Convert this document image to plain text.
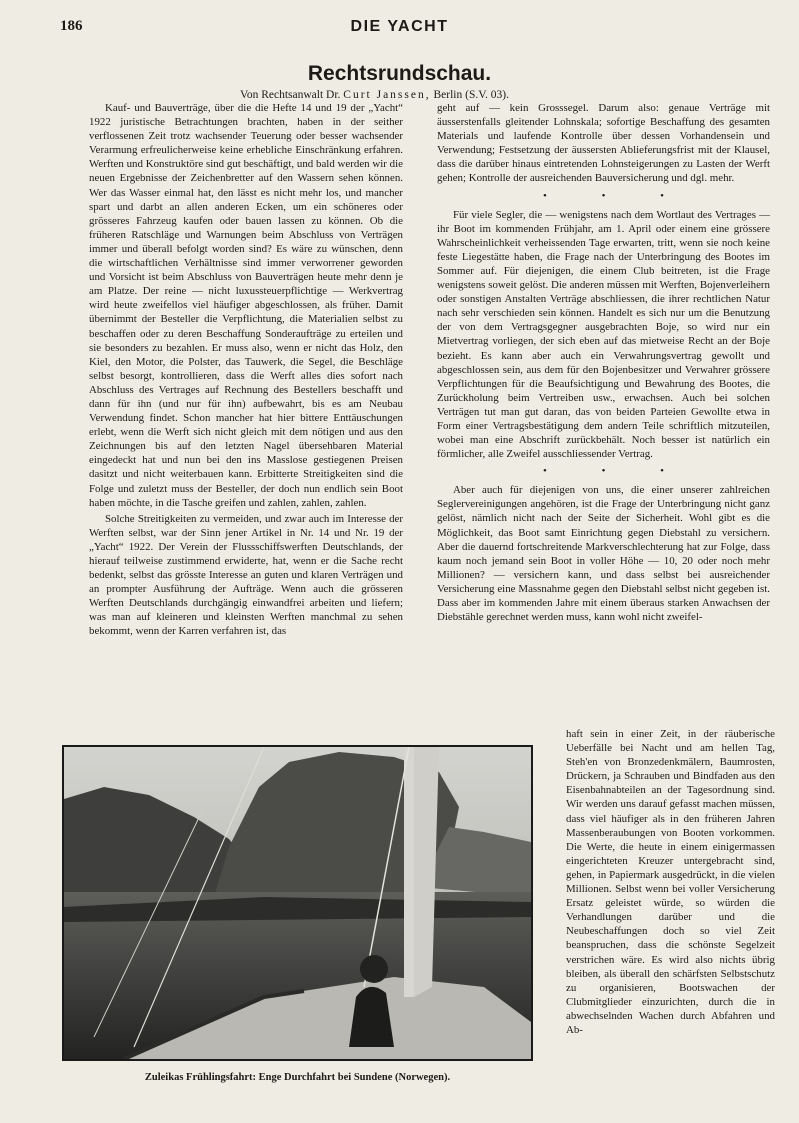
186	DIE YACHT
Rechtsrundschau.
Von Rechtsanwalt Dr. Curt Janssen, Berlin (S.V. 03).

Kauf- und Bauverträge, über die die Hefte 14 und 19 der „Yacht“ 1922 juristische Betrachtungen brachten, haben in der seither verflossenen Zeit trotz wachsender Teuerung oder besser wachsender Verarmung erfreulicherweise keine erhebliche Einschränkung erfahren. Werften und Konstruktöre sind gut beschäftigt, und bald werden wir die neuen Ergebnisse der Zeichenbretter auf den Wassern sehen können. Wer das Wasser einmal hat, den lässt es nicht mehr los, und mancher spart und darbt an allen anderen Ecken, um ein schöneres oder grösseres Fahrzeug kaufen oder bauen lassen zu können. Ob die früheren Ratschläge und Warnungen beim Abschluss von Verträgen immer und überall befolgt worden sind? Es wäre zu wünschen, denn die wirtschaftlichen Verhältnisse sind immer verworrener geworden und Vorsicht ist beim Abschluss von Bauverträgen heute mehr denn je am Platze. Der reine — nicht luxussteuerpflichtige — Werkvertrag wird heute zweifellos viel häufiger abgeschlossen, als früher. Damit übernimmt der Besteller die Verpflichtung, die Materialien selbst zu beschaffen oder zu deren Beschaffung Sonderaufträge zu erteilen und sie besonders zu bezahlen. Er muss also, wenn er nicht das Holz, den Kiel, den Motor, die Polster, das Tauwerk, die Segel, die Beschläge selbst besorgt, kontrollieren, dass die Werft alles dies sofort nach Abschluss des Vertrages auf Rechnung des Bestellers beschafft und dann für ihn (und nur für ihn) aufbewahrt, bis es am Neubau Verwendung findet. Schon mancher hat hier bittere Enttäuschungen erlebt, wenn die Werft sich nicht gleich mit dem nötigen und aus den Zeichnungen bis auf den letzten Nagel übersehbaren Material eingedeckt hat und nun bei den ins Masslose gestiegenen Preisen dasitzt und nicht weiterbauen kann. Erbitterte Streitigkeiten sind die Folge und zuletzt muss der Besteller, der doch nun endlich sein Boot haben möchte, in die Tasche greifen und zahlen, zahlen, zahlen.

Solche Streitigkeiten zu vermeiden, und zwar auch im Interesse der Werften selbst, war der Sinn jener Artikel in Nr. 14 und Nr. 19 der „Yacht“ 1922. Der Verein der Flussschiffswerften Deutschlands, der hierauf teilweise zustimmend erwiderte, hat, wenn er die Sache recht bedenkt, selbst das grösste Interesse an guten und klaren Verträgen und an prompter Ausführung der Aufträge. Wenn auch die grösseren Werften Deutschlands durchgängig einwandfrei arbeiten und liefern; was man auf kleineren und kleinsten Werften manchmal zu sehen bekommt, wenn der Karren verfahren ist, das

geht auf — kein Grosssegel. Darum also: genaue Verträge mit äusserstenfalls gleitender Lohnskala; sofortige Beschaffung des gesamten Materials und laufende Kontrolle über dessen Vorhandensein und Verwendung; Festsetzung der äussersten Ablieferungsfrist mit der Klausel, dass die darüber hinaus eintretenden Lohnsteigerungen zu Lasten der Werft gehen; Kontrolle der ausreichenden Bauversicherung und dgl. mehr.

• • •

Für viele Segler, die — wenigstens nach dem Wortlaut des Vertrages — ihr Boot im kommenden Frühjahr, am 1. April oder einem eine grössere Wahrscheinlichkeit verheissenden Tage erwarten, tritt, wenn sie noch keine feste Liegestätte haben, die Frage nach der Unterbringung des Bootes im Sommer auf. Für diejenigen, die einem Club beitreten, ist die Frage wenigstens soweit gelöst. Die anderen müssen mit Werften, Bojenverleihern oder sonstigen Anstalten Verträge abschliessen, die ihrer rechtlichen Natur nach sehr verschieden sein können. Handelt es sich nur um die Benutzung der von dem Vertragsgegner ausgebrachten Boje, so wird nur ein Mietvertrag vorliegen, der sich eben auf das mietweise Recht an der Boje bezieht. Es kann aber auch ein Verwahrungsvertrag gewollt und abgeschlossen sein, aus dem für den Bojenbesitzer und Verwahrer grössere Verpflichtungen für die Beaufsichtigung und Bewahrung des Bootes, die Zurückholung beim Vertreiben usw., erwachsen. Auch bei solchen Verträgen tut man gut daran, das von beiden Parteien Gewollte etwa in Form einer Vertragsbestätigung dem andern Teile schriftlich mitzuteilen, wobei man eine Abschrift zurückbehält. Noch besser ist natürlich ein förmlicher, alle Zweifel ausschliessender Vertrag.

• • •

Aber auch für diejenigen von uns, die einer unserer zahlreichen Seglervereinigungen angehören, ist die Frage der Unterbringung nicht ganz gelöst, nämlich nicht nach der Seite der Sicherheit. Wohl gibt es die Möglichkeit, das Boot samt Einrichtung gegen Diebstahl zu versichern. Aber die dauernd fortschreitende Markverschlechterung hat zur Folge, dass kaum noch jemand sein Boot in voller Höhe — 10, 20 oder noch mehr Millionen? — versichern kann, und dass selbst bei ausreichender Versicherung eine Massnahme gegen den Diebstahl selbst nicht gegeben ist. Dass aber im kommenden Jahre mit einem überaus starken Anwachsen der Diebstähle gerechnet werden muss, kann wohl nicht zweifel-

haft sein in einer Zeit, in der räuberische Ueberfälle bei Nacht und am hellen Tag, Steh'en von Bronzedenkmälern, Baumrosten, Drückern, ja Schrauben und Bindfaden aus den Eisenbahnabteilen an der Tagesordnung sind. Wir werden uns darauf gefasst machen müssen, dass viel häufiger als in den früheren Jahren Massenberaubungen von Booten vorkommen. Die Werte, die heute in einem einigermassen eingerichteten Kreuzer untergebracht sind, gehen, in Papiermark ausgedrückt, in die vielen Millionen. Selbst wenn bei voller Versicherung Ersatz geleistet würde, so würden die Verhandlungen darüber und die Neubeschaffungen doch so viel Zeit beanspruchen, dass die schönste Segelzeit verstrichen wäre. Es wird also nichts übrig bleiben, als überall den schärfsten Selbstschutz zu organisieren, Bootswachen der Clubmitglieder einzurichten, durch die in abwechselnden Wachen durch Abfahren und Ab-

Zuleikas Frühlingsfahrt: Enge Durchfahrt bei Sundene (Norwegen).
